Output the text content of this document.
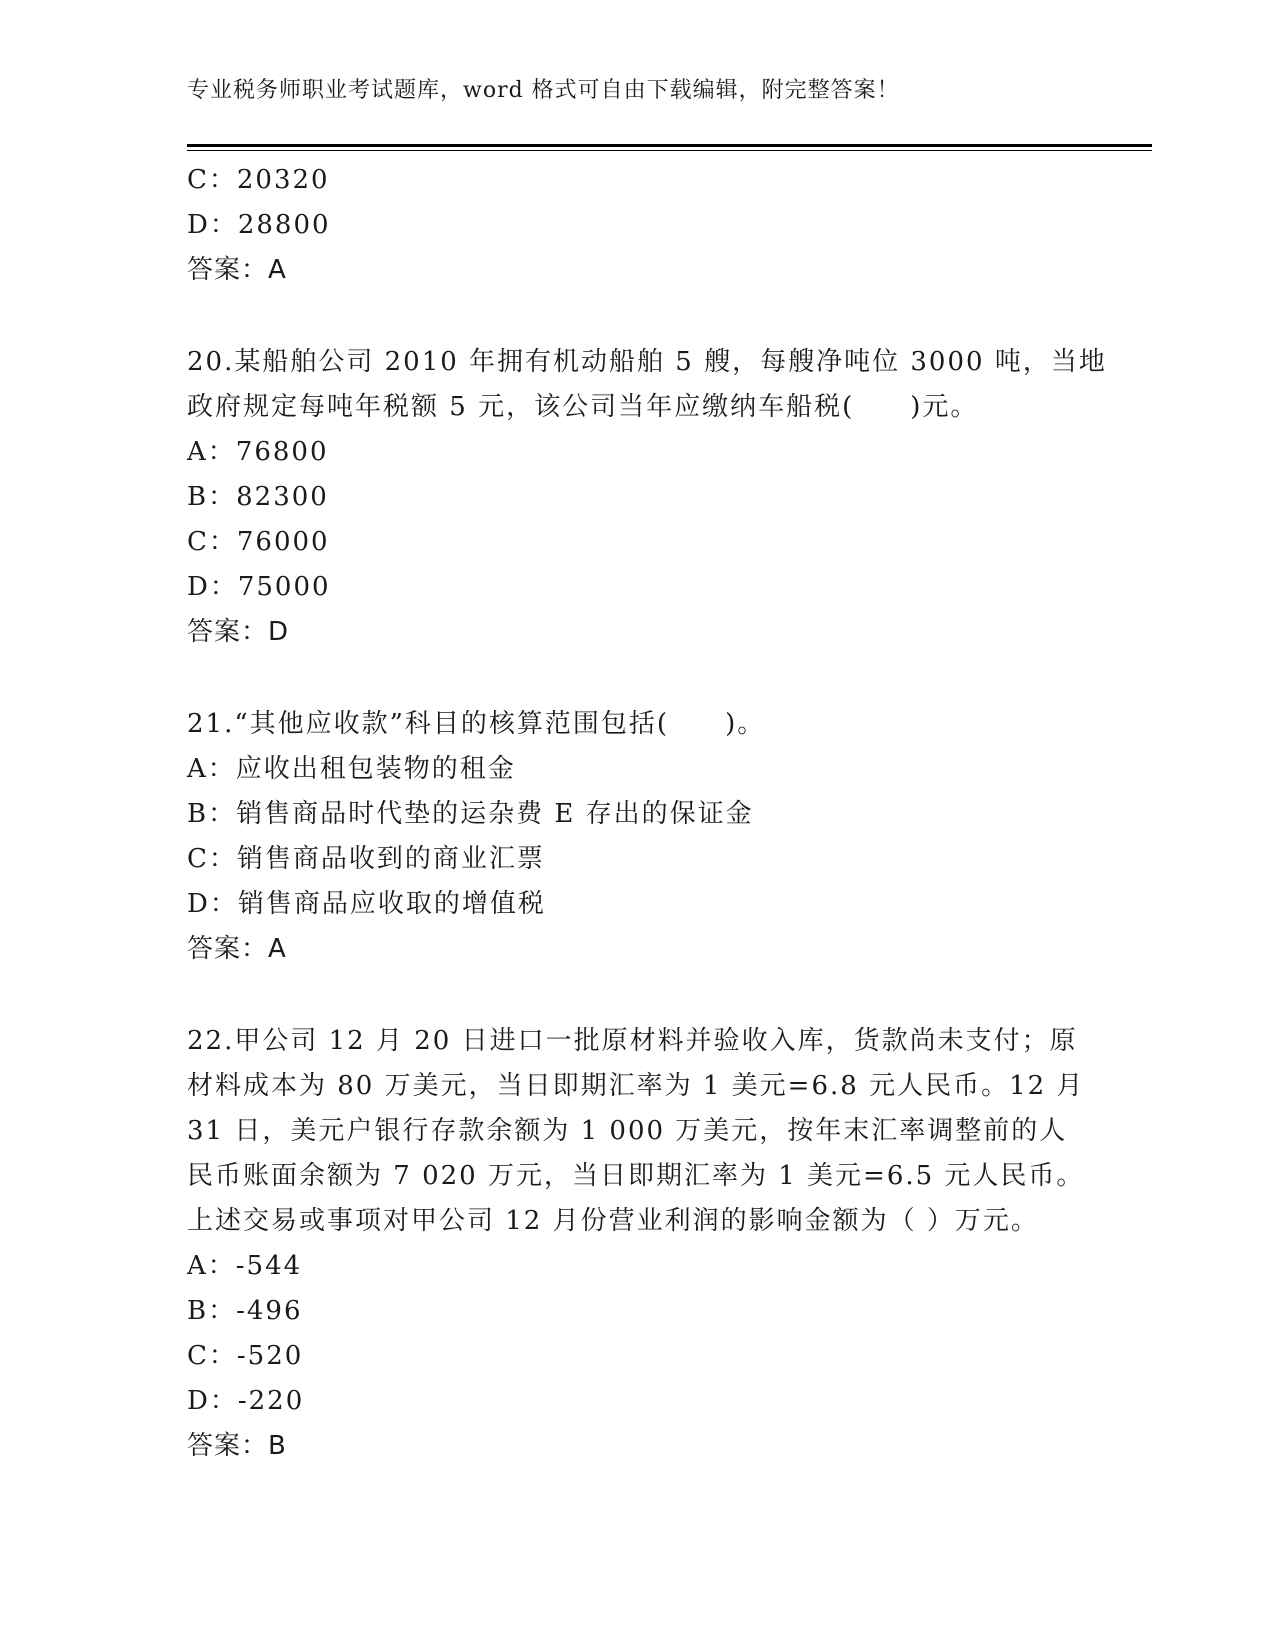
专业税务师职业考试题库，word 格式可自由下载编辑，附完整答案！
C：20320
D：28800
答案：A
20.某船舶公司 2010 年拥有机动船舶 5 艘，每艘净吨位 3000 吨，当地
政府规定每吨年税额 5 元，该公司当年应缴纳车船税(　　)元。
A：76800
B：82300
C：76000
D：75000
答案：D
21.“其他应收款”科目的核算范围包括(　　)。
A：应收出租包装物的租金
B：销售商品时代垫的运杂费 E 存出的保证金
C：销售商品收到的商业汇票
D：销售商品应收取的增值税
答案：A
22.甲公司 12 月 20 日进口一批原材料并验收入库，货款尚未支付；原
材料成本为 80 万美元，当日即期汇率为 1 美元=6.8 元人民币。12 月
31 日，美元户银行存款余额为 1 000 万美元，按年末汇率调整前的人
民币账面余额为 7 020 万元，当日即期汇率为 1 美元=6.5 元人民币。
上述交易或事项对甲公司 12 月份营业利润的影响金额为（ ）万元。
A：-544
B：-496
C：-520
D：-220
答案：B
